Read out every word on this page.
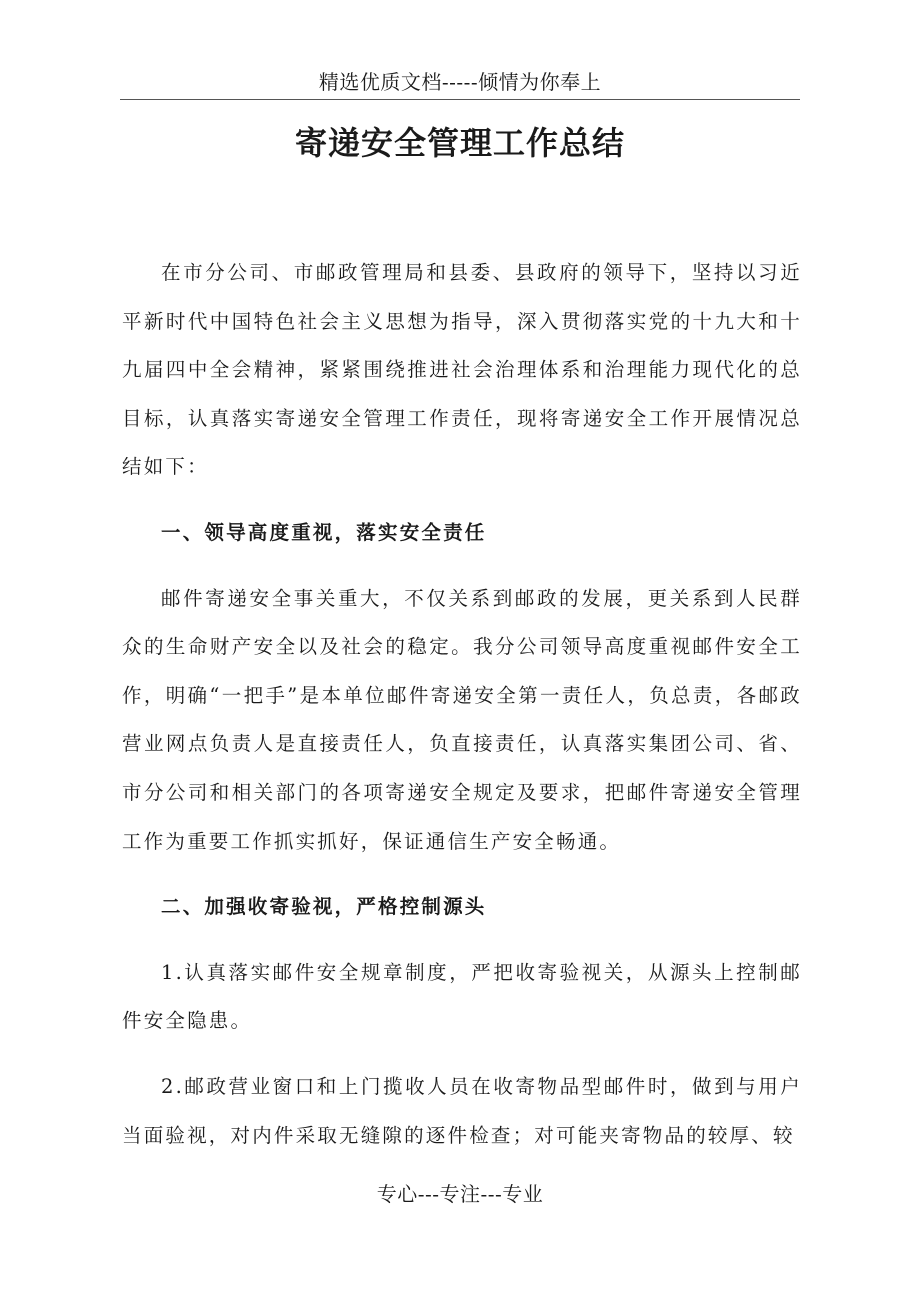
精选优质文档-----倾情为你奉上
寄递安全管理工作总结

在市分公司、市邮政管理局和县委、县政府的领导下，坚持以习近平新时代中国特色社会主义思想为指导，深入贯彻落实党的十九大和十九届四中全会精神，紧紧围绕推进社会治理体系和治理能力现代化的总目标，认真落实寄递安全管理工作责任，现将寄递安全工作开展情况总结如下：

一、领导高度重视，落实安全责任

邮件寄递安全事关重大，不仅关系到邮政的发展，更关系到人民群众的生命财产安全以及社会的稳定。我分公司领导高度重视邮件安全工作，明确“一把手”是本单位邮件寄递安全第一责任人，负总责，各邮政营业网点负责人是直接责任人，负直接责任，认真落实集团公司、省、市分公司和相关部门的各项寄递安全规定及要求，把邮件寄递安全管理工作为重要工作抓实抓好，保证通信生产安全畅通。

二、加强收寄验视，严格控制源头

1.认真落实邮件安全规章制度，严把收寄验视关，从源头上控制邮件安全隐患。

2.邮政营业窗口和上门揽收人员在收寄物品型邮件时，做到与用户当面验视，对内件采取无缝隙的逐件检查；对可能夹寄物品的较厚、较

专心---专注---专业
